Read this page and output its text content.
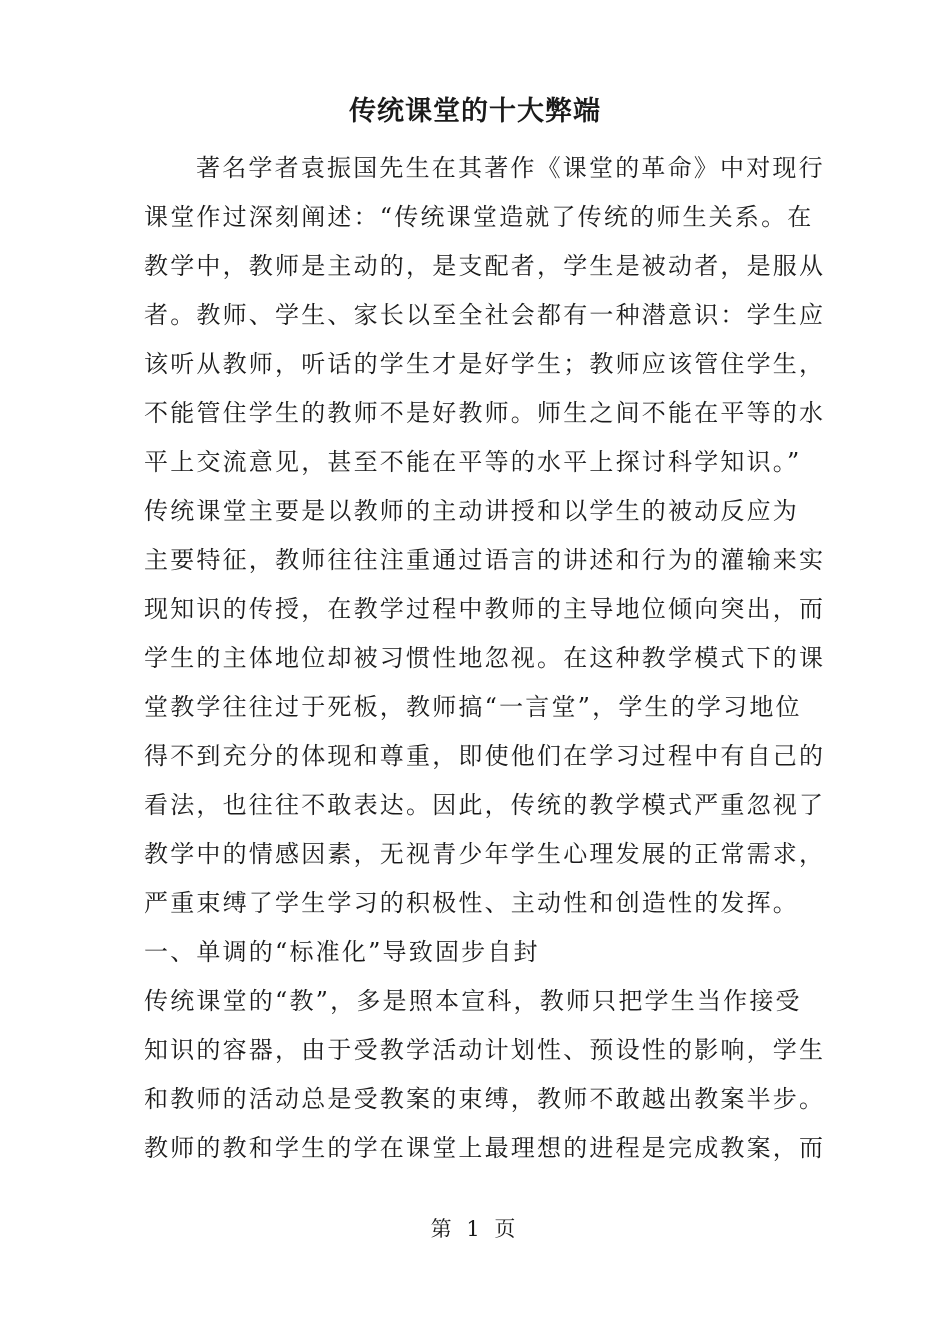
传统课堂的十大弊端
著名学者袁振国先生在其著作《课堂的革命》中对现行
课堂作过深刻阐述：“传统课堂造就了传统的师生关系。在
教学中，教师是主动的，是支配者，学生是被动者，是服从
者。教师、学生、家长以至全社会都有一种潜意识：学生应
该听从教师，听话的学生才是好学生；教师应该管住学生，
不能管住学生的教师不是好教师。师生之间不能在平等的水
平上交流意见，甚至不能在平等的水平上探讨科学知识。”
传统课堂主要是以教师的主动讲授和以学生的被动反应为
主要特征，教师往往注重通过语言的讲述和行为的灌输来实
现知识的传授，在教学过程中教师的主导地位倾向突出，而
学生的主体地位却被习惯性地忽视。在这种教学模式下的课
堂教学往往过于死板，教师搞“一言堂”，学生的学习地位
得不到充分的体现和尊重，即使他们在学习过程中有自己的
看法，也往往不敢表达。因此，传统的教学模式严重忽视了
教学中的情感因素，无视青少年学生心理发展的正常需求，
严重束缚了学生学习的积极性、主动性和创造性的发挥。
一、单调的“标准化”导致固步自封
传统课堂的“教”，多是照本宣科，教师只把学生当作接受
知识的容器，由于受教学活动计划性、预设性的影响，学生
和教师的活动总是受教案的束缚，教师不敢越出教案半步。
教师的教和学生的学在课堂上最理想的进程是完成教案，而
第 1 页
